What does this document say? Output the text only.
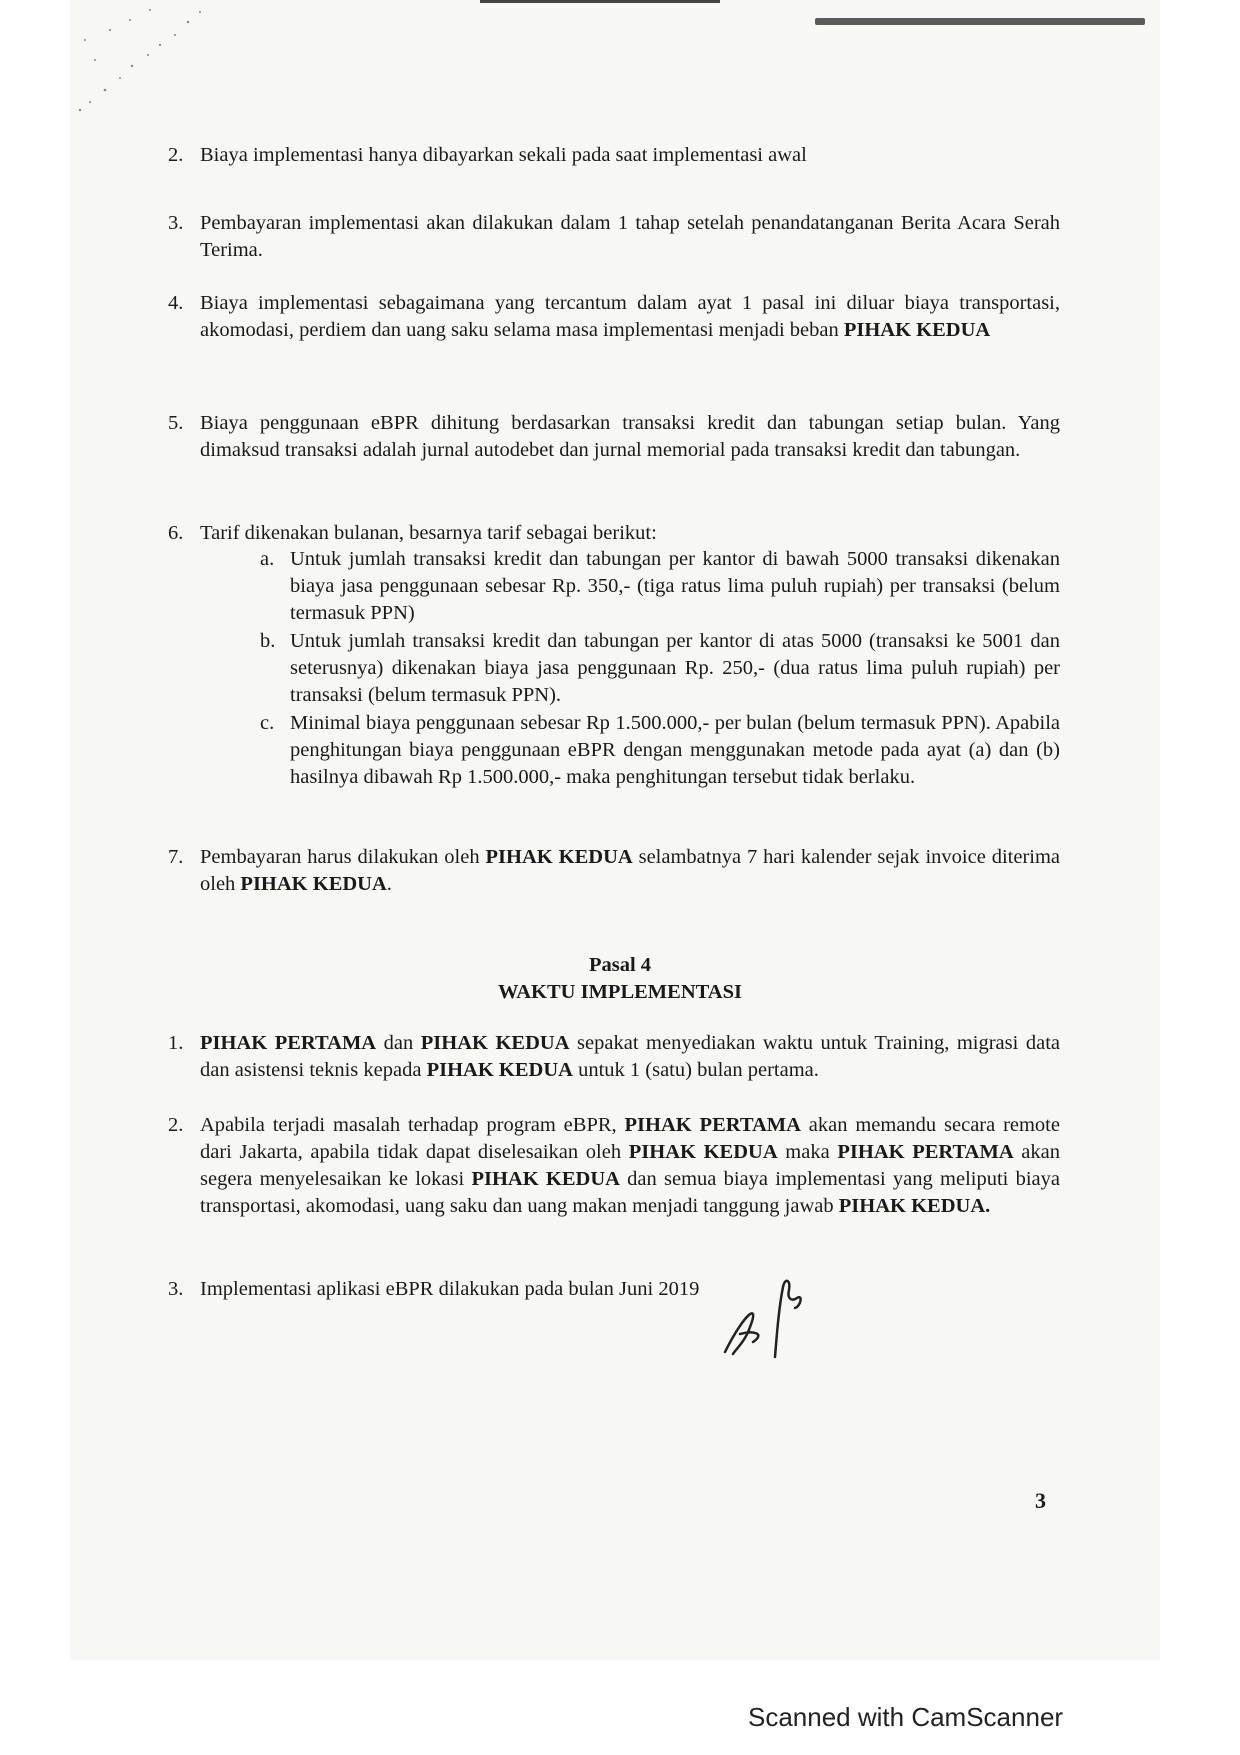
2. Biaya implementasi hanya dibayarkan sekali pada saat implementasi awal
3. Pembayaran implementasi akan dilakukan dalam 1 tahap setelah penandatanganan Berita Acara Serah Terima.
4. Biaya implementasi sebagaimana yang tercantum dalam ayat 1 pasal ini diluar biaya transportasi, akomodasi, perdiem dan uang saku selama masa implementasi menjadi beban PIHAK KEDUA
5. Biaya penggunaan eBPR dihitung berdasarkan transaksi kredit dan tabungan setiap bulan. Yang dimaksud transaksi adalah jurnal autodebet dan jurnal memorial pada transaksi kredit dan tabungan.
6. Tarif dikenakan bulanan, besarnya tarif sebagai berikut:
a. Untuk jumlah transaksi kredit dan tabungan per kantor di bawah 5000 transaksi dikenakan biaya jasa penggunaan sebesar Rp. 350,- (tiga ratus lima puluh rupiah) per transaksi (belum termasuk PPN)
b. Untuk jumlah transaksi kredit dan tabungan per kantor di atas 5000 (transaksi ke 5001 dan seterusnya) dikenakan biaya jasa penggunaan Rp. 250,- (dua ratus lima puluh rupiah) per transaksi (belum termasuk PPN).
c. Minimal biaya penggunaan sebesar Rp 1.500.000,- per bulan (belum termasuk PPN). Apabila penghitungan biaya penggunaan eBPR dengan menggunakan metode pada ayat (a) dan (b) hasilnya dibawah Rp 1.500.000,- maka penghitungan tersebut tidak berlaku.
7. Pembayaran harus dilakukan oleh PIHAK KEDUA selambatnya 7 hari kalender sejak invoice diterima oleh PIHAK KEDUA.
Pasal 4
WAKTU IMPLEMENTASI
1. PIHAK PERTAMA dan PIHAK KEDUA sepakat menyediakan waktu untuk Training, migrasi data dan asistensi teknis kepada PIHAK KEDUA untuk 1 (satu) bulan pertama.
2. Apabila terjadi masalah terhadap program eBPR, PIHAK PERTAMA akan memandu secara remote dari Jakarta, apabila tidak dapat diselesaikan oleh PIHAK KEDUA maka PIHAK PERTAMA akan segera menyelesaikan ke lokasi PIHAK KEDUA dan semua biaya implementasi yang meliputi biaya transportasi, akomodasi, uang saku dan uang makan menjadi tanggung jawab PIHAK KEDUA.
3. Implementasi aplikasi eBPR dilakukan pada bulan Juni 2019
3
Scanned with CamScanner
